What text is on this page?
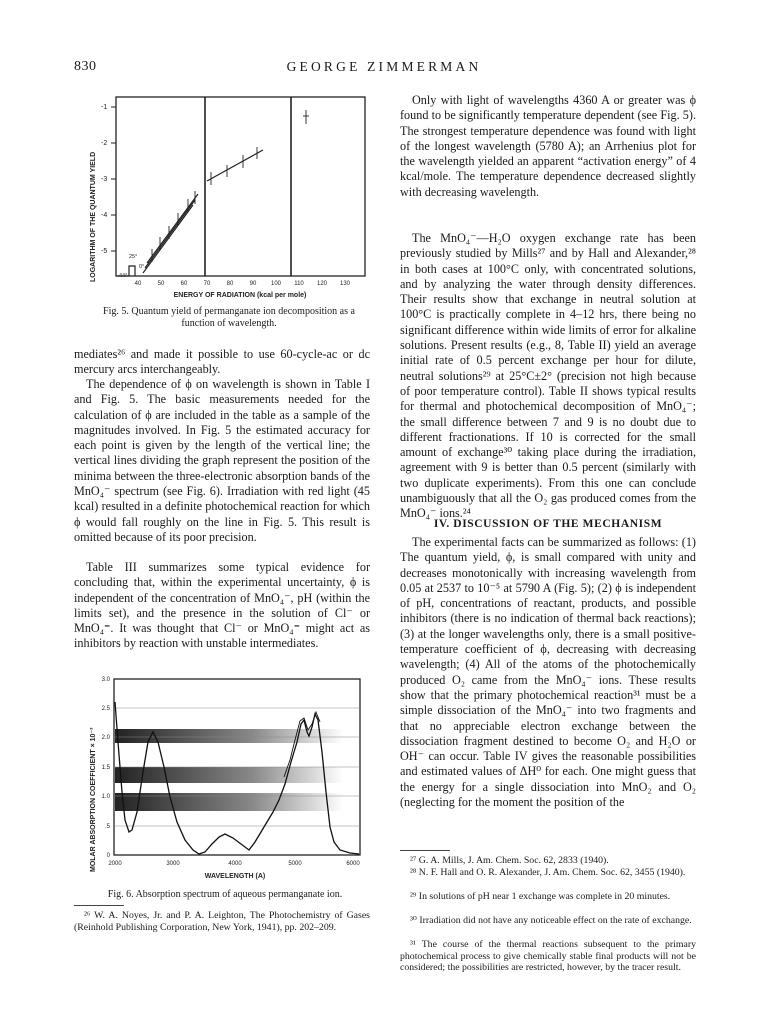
830	GEORGE ZIMMERMAN
LOGARITHM OF THE QUANTUM YIELD
-1
-2
-3
-4
-5
44°
25°
0°
40	50	60	70	80	90 100 110 120 130
ENERGY OF RADIATION (kcal per mole)

Fig. 5. Quantum yield of permanganate ion decomposition as a function of wavelength.

mediates²⁶ and made it possible to use 60-cycle-ac or dc mercury arcs interchangeably.

The dependence of ϕ on wavelength is shown in Table I and Fig. 5. The basic measurements needed for the calculation of ϕ are included in the table as a sample of the magnitudes involved. In Fig. 5 the estimated accuracy for each point is given by the length of the vertical line; the vertical lines dividing the graph represent the position of the minima between the three-electronic absorption bands of the MnO₄⁻ spectrum (see Fig. 6). Irradiation with red light (45 kcal) resulted in a definite photochemical reaction for which ϕ would fall roughly on the line in Fig. 5. This result is omitted because of its poor precision.

Table III summarizes some typical evidence for concluding that, within the experimental uncertainty, ϕ is independent of the concentration of MnO₄⁻, pH (within the limits set), and the presence in the solution of Cl⁻ or MnO₄⁼. It was thought that Cl⁻ or MnO₄⁼ might act as inhibitors by reaction with unstable intermediates.

MOLAR ABSORPTION COEFFICIENT × 10⁻³
3.0
2.5
2.0
1.5
1.0
.5
0
2000	3000	4000	5000	6000
WAVELENGTH (A)

Fig. 6. Absorption spectrum of aqueous permanganate ion.

²⁶ W. A. Noyes, Jr. and P. A. Leighton, The Photochemistry of Gases (Reinhold Publishing Corporation, New York, 1941), pp. 202–209.

Only with light of wavelengths 4360 A or greater was ϕ found to be significantly temperature dependent (see Fig. 5). The strongest temperature dependence was found with light of the longest wavelength (5780 A); an Arrhenius plot for the wavelength yielded an apparent “activation energy” of 4 kcal/mole. The temperature dependence decreased slightly with decreasing wavelength.

The MnO₄⁻—H₂O oxygen exchange rate has been previously studied by Mills²⁷ and by Hall and Alexander,²⁸ in both cases at 100°C only, with concentrated solutions, and by analyzing the water through density differences. Their results show that exchange in neutral solution at 100°C is practically complete in 4–12 hrs, there being no significant difference within wide limits of error for alkaline solutions. Present results (e.g., 8, Table II) yield an average initial rate of 0.5 percent exchange per hour for dilute, neutral solutions²⁹ at 25°C±2° (precision not high because of poor temperature control). Table II shows typical results for thermal and photochemical decomposition of MnO₄⁻; the small difference between 7 and 9 is no doubt due to different fractionations. If 10 is corrected for the small amount of exchange³⁰ taking place during the irradiation, agreement with 9 is better than 0.5 percent (similarly with two duplicate experiments). From this one can conclude unambiguously that all the O₂ gas produced comes from the MnO₄⁻ ions.²⁴

IV. DISCUSSION OF THE MECHANISM

The experimental facts can be summarized as follows: (1) The quantum yield, ϕ, is small compared with unity and decreases monotonically with increasing wavelength from 0.05 at 2537 to 10⁻⁵ at 5790 A (Fig. 5); (2) ϕ is independent of pH, concentrations of reactant, products, and possible inhibitors (there is no indication of thermal back reactions); (3) at the longer wavelengths only, there is a small positive-temperature coefficient of ϕ, decreasing with decreasing wavelength; (4) All of the atoms of the photochemically produced O₂ came from the MnO₄⁻ ions. These results show that the primary photochemical reaction³¹ must be a simple dissociation of the MnO₄⁻ into two fragments and that no appreciable electron exchange between the dissociation fragment destined to become O₂ and H₂O or OH⁻ can occur. Table IV gives the reasonable possibilities and estimated values of ΔH⁰ for each. One might guess that the energy for a single dissociation into MnO₂ and O₂ (neglecting for the moment the position of the

²⁷ G. A. Mills, J. Am. Chem. Soc. 62, 2833 (1940).

²⁸ N. F. Hall and O. R. Alexander, J. Am. Chem. Soc. 62, 3455 (1940).

²⁹ In solutions of pH near 1 exchange was complete in 20 minutes.

³⁰ Irradiation did not have any noticeable effect on the rate of exchange.

³¹ The course of the thermal reactions subsequent to the primary photochemical process to give chemically stable final products will not be considered; the possibilities are restricted, however, by the tracer result.
